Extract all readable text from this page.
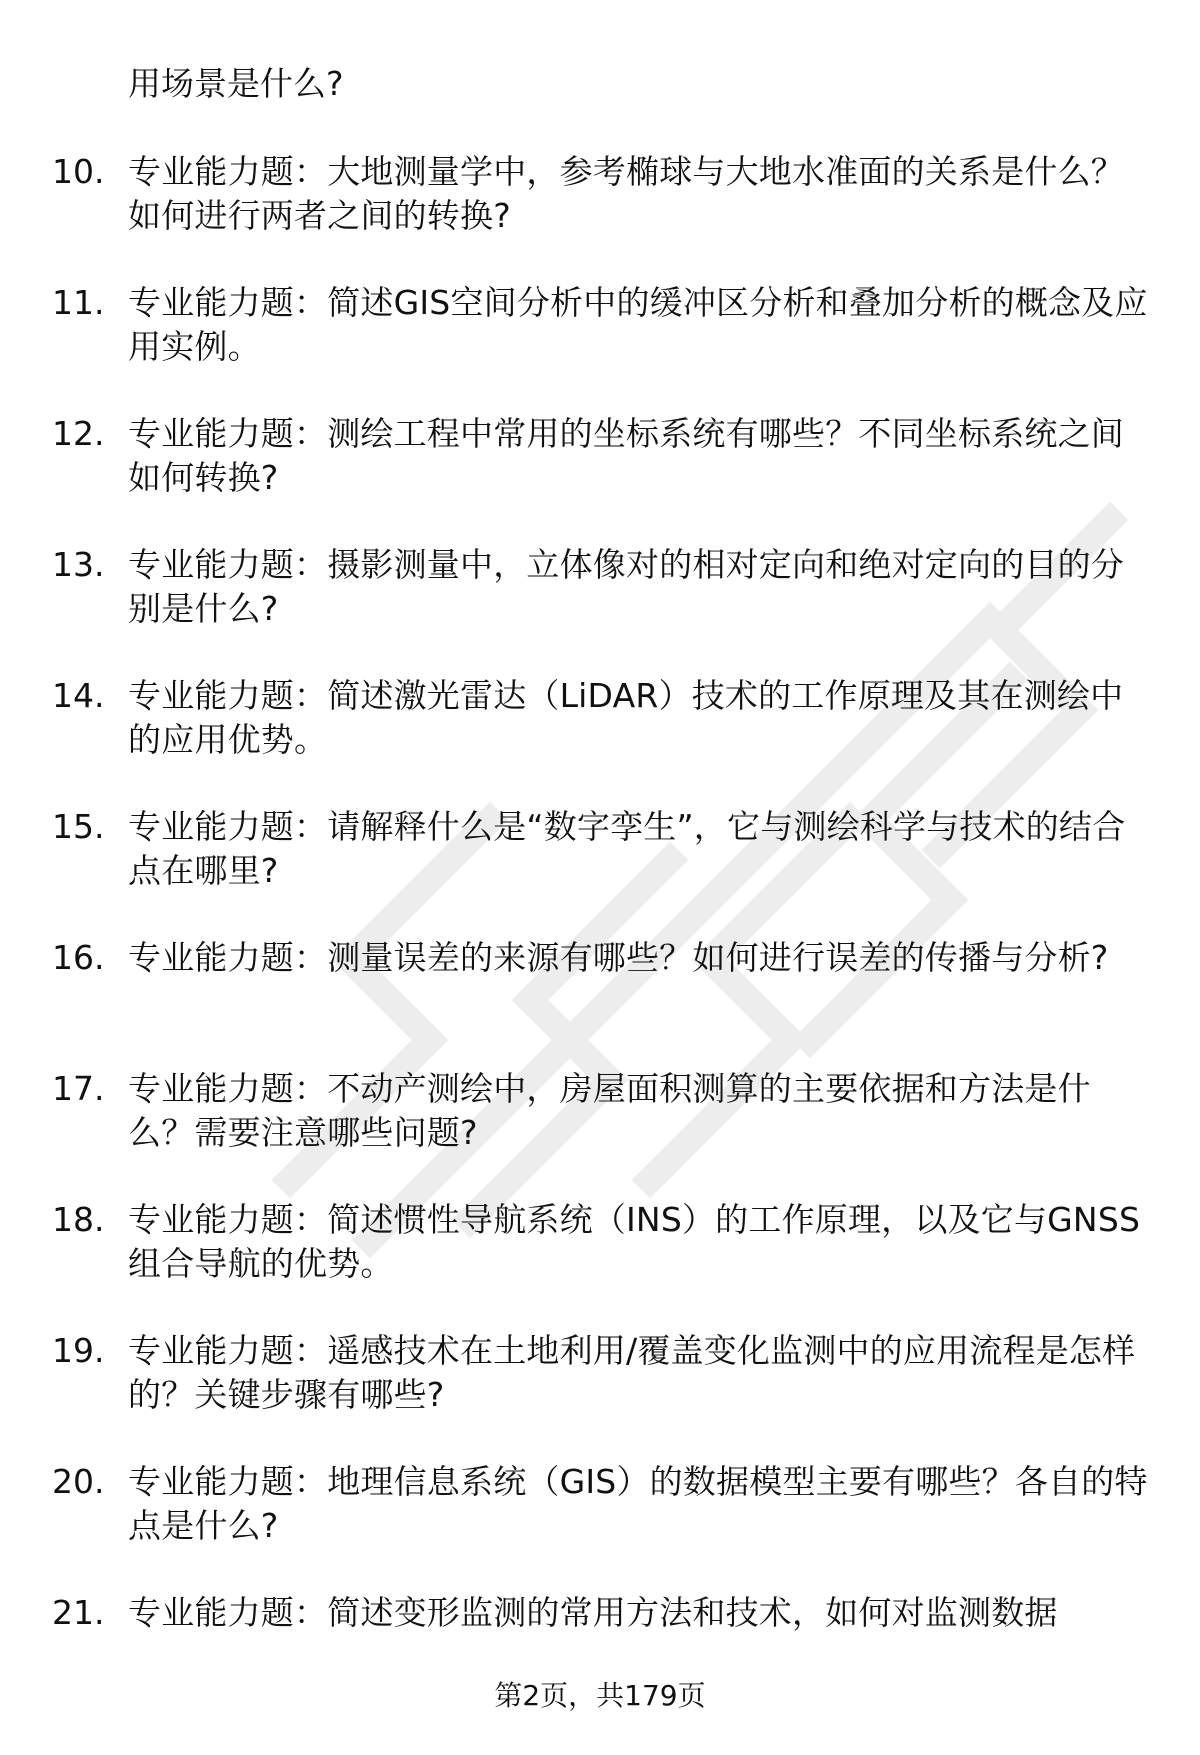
用场景是什么?
10. 专业能力题：大地测量学中，参考椭球与大地水准面的关系是什么？如何进行两者之间的转换?
11. 专业能力题：简述GIS空间分析中的缓冲区分析和叠加分析的概念及应用实例。
12. 专业能力题：测绘工程中常用的坐标系统有哪些？不同坐标系统之间如何转换?
13. 专业能力题：摄影测量中，立体像对的相对定向和绝对定向的目的分别是什么?
14. 专业能力题：简述激光雷达（LiDAR）技术的工作原理及其在测绘中的应用优势。
15. 专业能力题：请解释什么是“数字孪生”，它与测绘科学与技术的结合点在哪里?
16. 专业能力题：测量误差的来源有哪些？如何进行误差的传播与分析?
17. 专业能力题：不动产测绘中，房屋面积测算的主要依据和方法是什么？需要注意哪些问题?
18. 专业能力题：简述惯性导航系统（INS）的工作原理，以及它与GNSS组合导航的优势。
19. 专业能力题：遥感技术在土地利用/覆盖变化监测中的应用流程是怎样的？关键步骤有哪些?
20. 专业能力题：地理信息系统（GIS）的数据模型主要有哪些？各自的特点是什么?
21. 专业能力题：简述变形监测的常用方法和技术，如何对监测数据
第2页，共179页
